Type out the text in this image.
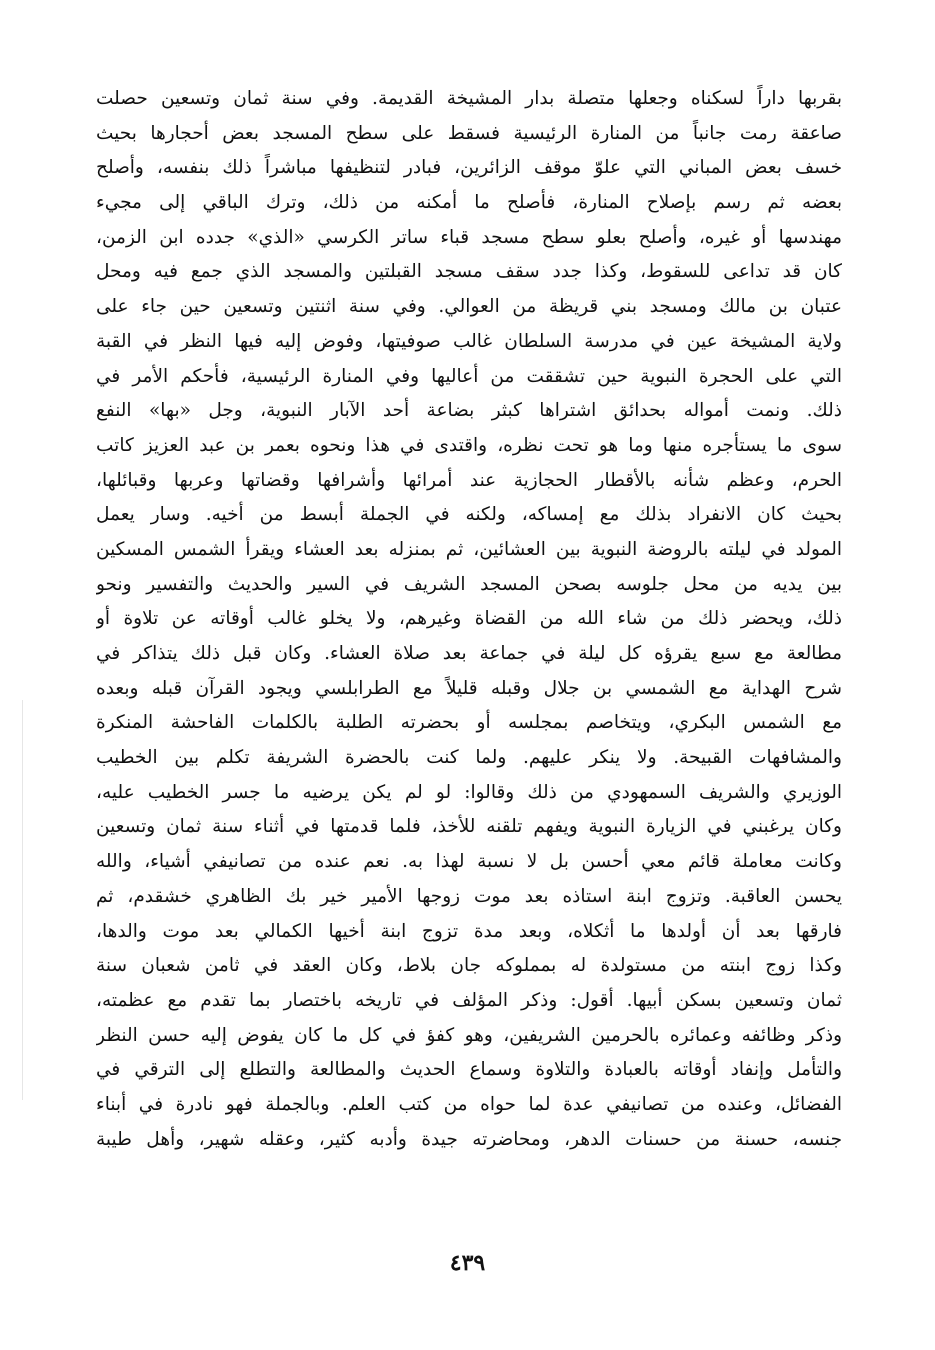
بقربها داراً لسكناه وجعلها متصلة بدار المشيخة القديمة. وفي سنة ثمان وتسعين حصلت
صاعقة رمت جانباً من المنارة الرئيسية فسقط على سطح المسجد بعض أحجارها بحيث
خسف بعض المباني التي علوّ موقف الزائرين، فبادر لتنظيفها مباشراً ذلك بنفسه، وأصلح
بعضه ثم رسم بإصلاح المنارة، فأصلح ما أمكنه من ذلك، وترك الباقي إلى مجيء
مهندسها أو غيره، وأصلح بعلو سطح مسجد قباء ساتر الكرسي «الذي» جدده ابن الزمن،
كان قد تداعى للسقوط، وكذا جدد سقف مسجد القبلتين والمسجد الذي جمع فيه ومحل
عتبان بن مالك ومسجد بني قريظة من العوالي. وفي سنة اثنتين وتسعين حين جاء على
ولاية المشيخة عين في مدرسة السلطان غالب صوفيتها، وفوض إليه فيها النظر في القبة
التي على الحجرة النبوية حين تشققت من أعاليها وفي المنارة الرئيسية، فأحكم الأمر في
ذلك. ونمت أمواله بحدائق اشتراها كبثر بضاعة أحد الآبار النبوية، وجل «بها» النفع
سوى ما يستأجره منها وما هو تحت نظره، واقتدى في هذا ونحوه بعمر بن عبد العزيز كاتب
الحرم، وعظم شأنه بالأقطار الحجازية عند أمرائها وأشرافها وقضاتها وعربها وقبائلها،
بحيث كان الانفراد بذلك مع إمساكه، ولكنه في الجملة أبسط من أخيه. وسار يعمل
المولد في ليلته بالروضة النبوية بين العشائين، ثم بمنزله بعد العشاء ويقرأ الشمس المسكين
بين يديه من محل جلوسه بصحن المسجد الشريف في السير والحديث والتفسير ونحو
ذلك، ويحضر ذلك من شاء الله من القضاة وغيرهم، ولا يخلو غالب أوقاته عن تلاوة أو
مطالعة مع سبع يقرؤه كل ليلة في جماعة بعد صلاة العشاء. وكان قبل ذلك يتذاكر في
شرح الهداية مع الشمسي بن جلال وقبله قليلاً مع الطرابلسي ويجود القرآن قبله وبعده
مع الشمس البكري، ويتخاصم بمجلسه أو بحضرته الطلبة بالكلمات الفاحشة المنكرة
والمشافهات القبيحة. ولا ينكر عليهم. ولما كنت بالحضرة الشريفة تكلم بين الخطيب
الوزيري والشريف السمهودي من ذلك وقالوا: لو لم يكن يرضيه ما جسر الخطيب عليه،
وكان يرغبني في الزيارة النبوية ويفهم تلقنه للأخذ، فلما قدمتها في أثناء سنة ثمان وتسعين
وكانت معاملة قائم معي أحسن بل لا نسبة لهذا به. نعم عنده من تصانيفي أشياء، والله
يحسن العاقبة. وتزوج ابنة استاذه بعد موت زوجها الأمير خير بك الظاهري خشقدم، ثم
فارقها بعد أن أولدها ما أثكلاه، وبعد مدة تزوج ابنة أخيها الكمالي بعد موت والدها،
وكذا زوج ابنته من مستولدة له بمملوكه جان بلاط، وكان العقد في ثامن شعبان سنة
ثمان وتسعين بسكن أبيها. أقول: وذكر المؤلف في تاريخه باختصار بما تقدم مع عظمته،
وذكر وظائفه وعمائره بالحرمين الشريفين، وهو كفؤ في كل ما كان يفوض إليه حسن النظر
والتأمل وإنفاد أوقاته بالعبادة والتلاوة وسماع الحديث والمطالعة والتطلع إلى الترقي في
الفضائل، وعنده من تصانيفي عدة لما حواه من كتب العلم. وبالجملة فهو نادرة في أبناء
جنسه، حسنة من حسنات الدهر، ومحاضرته جيدة وأدبه كثير، وعقله شهير، وأهل طيبة
٤٣٩
